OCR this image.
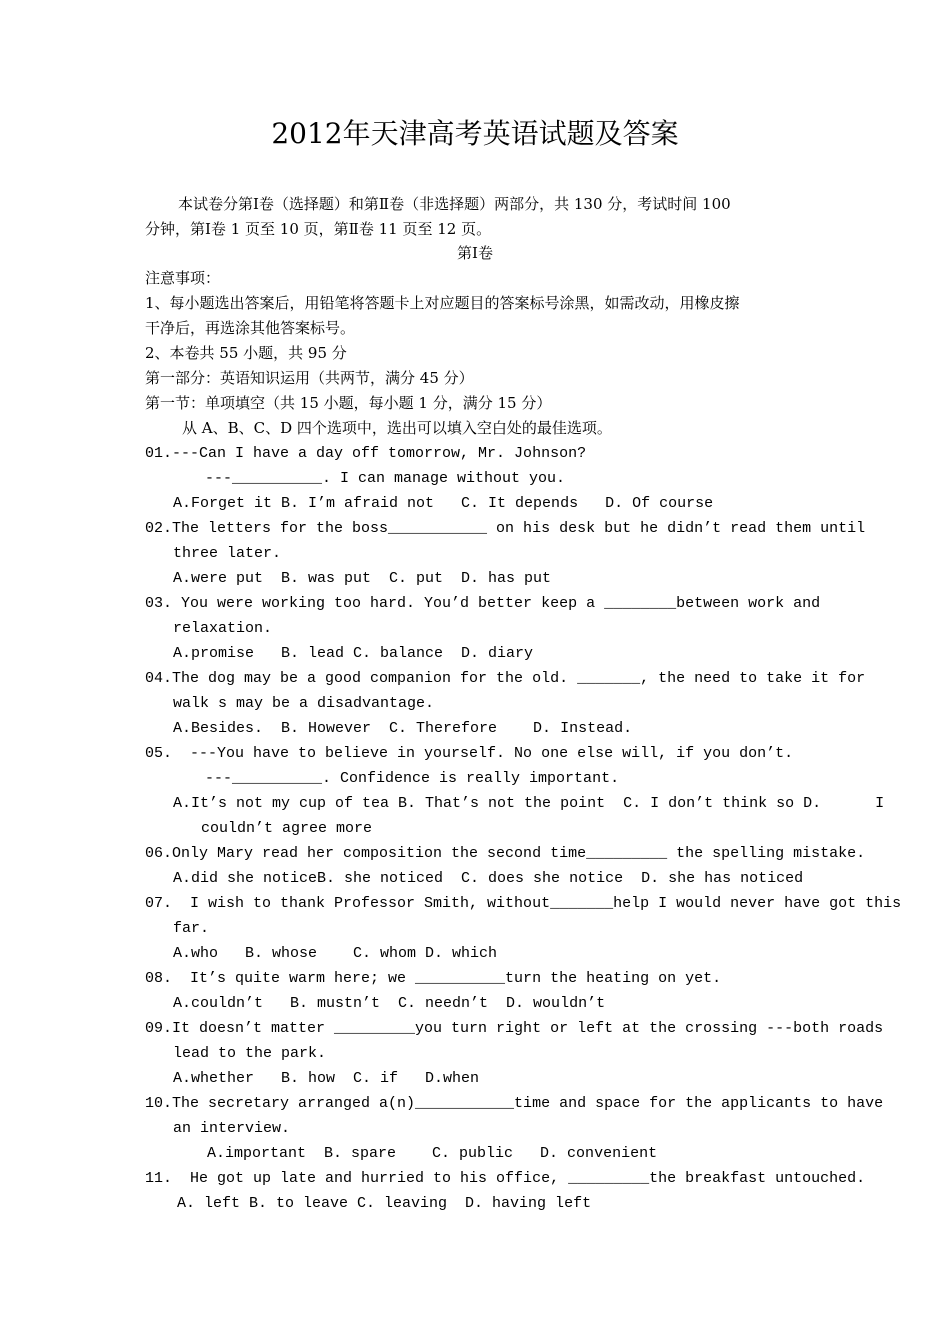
2012年天津高考英语试题及答案
本试卷分第Ⅰ卷（选择题）和第Ⅱ卷（非选择题）两部分，共 130 分，考试时间 100
分钟，第Ⅰ卷 1 页至 10 页，第Ⅱ卷 11 页至 12 页。
第Ⅰ卷
注意事项：
1、每小题选出答案后，用铅笔将答题卡上对应题目的答案标号涂黑，如需改动，用橡皮擦
干净后，再选涂其他答案标号。
2、本卷共 55 小题，共 95 分
第一部分：英语知识运用（共两节，满分 45 分）
第一节：单项填空（共 15 小题，每小题 1 分，满分 15 分）
从 A、B、C、D 四个选项中，选出可以填入空白处的最佳选项。
01.---Can I have a day off tomorrow, Mr. Johnson?
---__________. I can manage without you.
A.Forget it B. I’m afraid not   C. It depends   D. Of course
02.The letters for the boss___________ on his desk but he didn’t read them until
three later.
A.were put  B. was put  C. put  D. has put
03. You were working too hard. You’d better keep a ________between work and
relaxation.
A.promise   B. lead C. balance  D. diary
04.The dog may be a good companion for the old. _______, the need to take it for
walk s may be a disadvantage.
A.Besides.  B. However  C. Therefore    D. Instead.
05.  ---You have to believe in yourself. No one else will, if you don’t.
---__________. Confidence is really important.
A.It’s not my cup of tea B. That’s not the point  C. I don’t think so D.      I
couldn’t agree more
06.Only Mary read her composition the second time_________ the spelling mistake.
A.did she noticeB. she noticed  C. does she notice  D. she has noticed
07.  I wish to thank Professor Smith, without_______help I would never have got this
far.
A.who   B. whose    C. whom D. which
08.  It’s quite warm here; we __________turn the heating on yet.
A.couldn’t   B. mustn’t  C. needn’t  D. wouldn’t
09.It doesn’t matter _________you turn right or left at the crossing ---both roads
lead to the park.
A.whether   B. how  C. if   D.when
10.The secretary arranged a(n)___________time and space for the applicants to have
an interview.
A.important  B. spare    C. public   D. convenient
11.  He got up late and hurried to his office, _________the breakfast untouched.
A. left B. to leave C. leaving  D. having left
